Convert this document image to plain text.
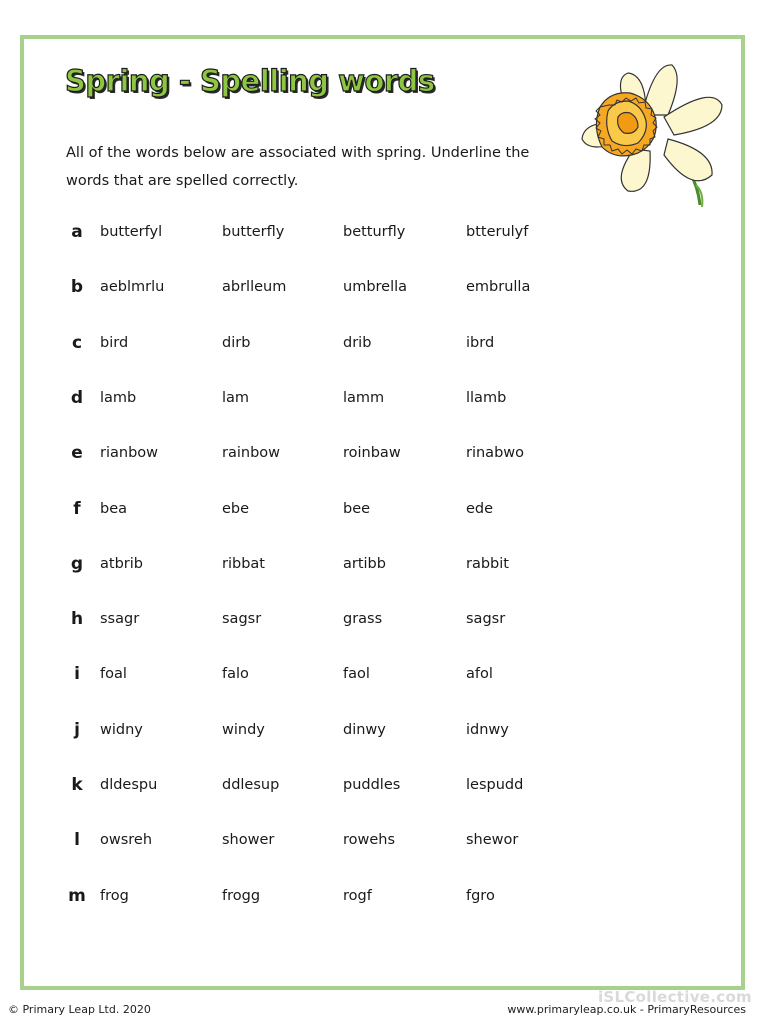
Spring - Spelling words
All of the words below are associated with spring. Underline the words that are spelled correctly.
a	butterfyl	butterfly	betturfly	btterulyf
b	aeblmrlu	abrlleum	umbrella	embrulla
c	bird	dirb	drib	ibrd
d	lamb	lam	lamm	llamb
e	rianbow	rainbow	roinbaw	rinabwo
f	bea	ebe	bee	ede
g	atbrib	ribbat	artibb	rabbit
h	ssagr	sagsr	grass	sagsr
i	foal	falo	faol	afol
j	widny	windy	dinwy	idnwy
k	dldespu	ddlesup	puddles	lespudd
l	owsreh	shower	rowehs	shewor
m frog	frogg	rogf	fgro
© Primary Leap Ltd. 2020
iSLCollective.com
www.primaryleap.co.uk - PrimaryResources
